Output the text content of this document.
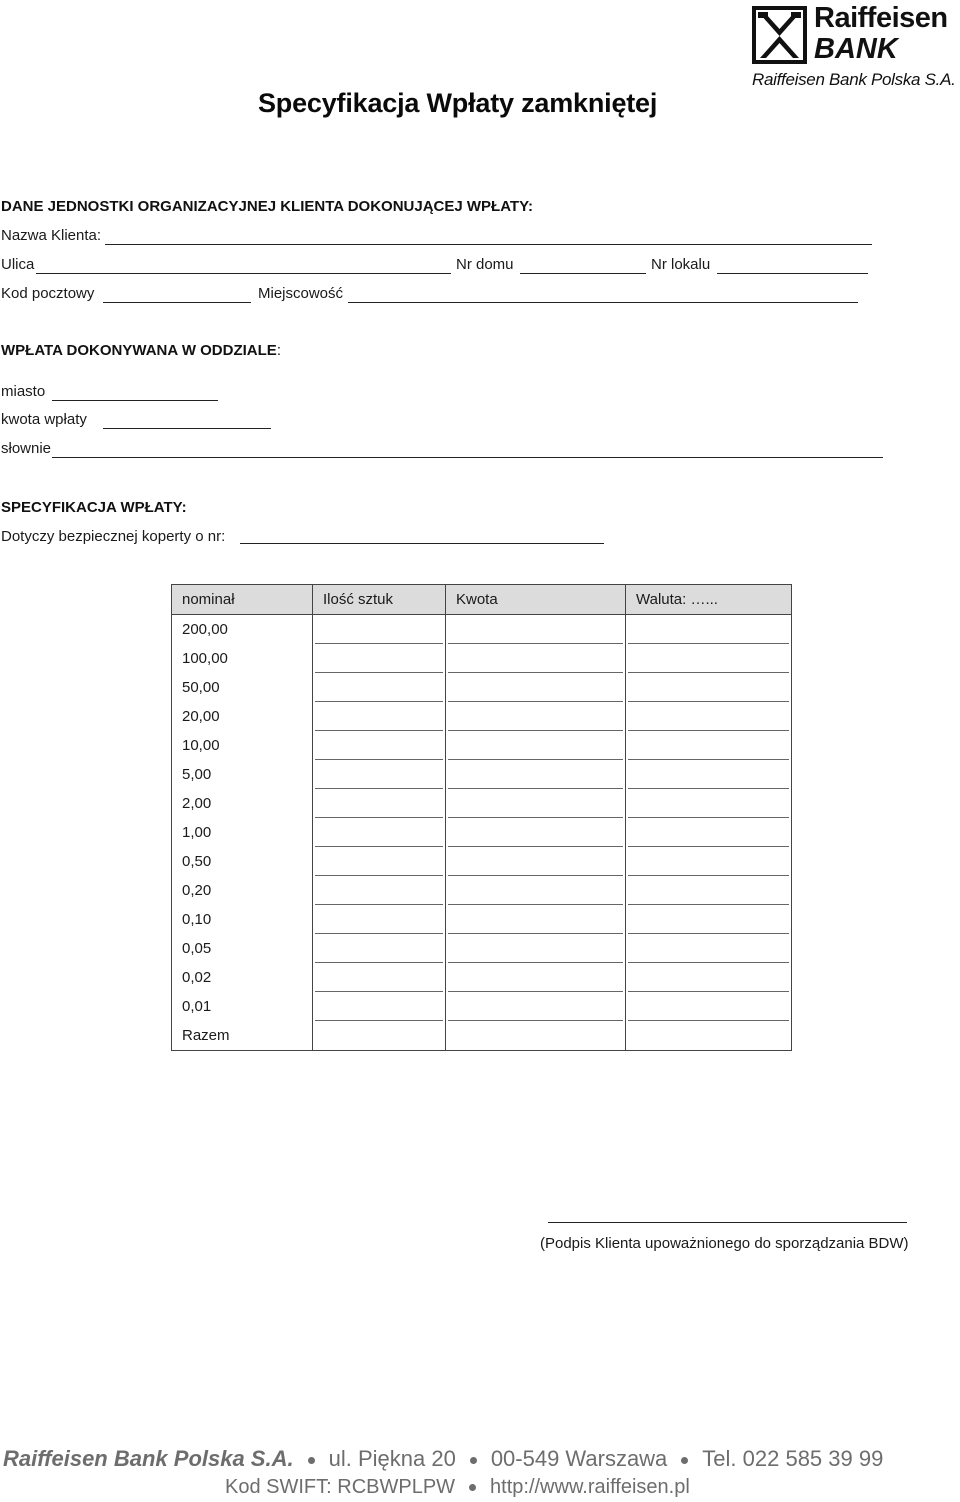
Specyfikacja Wpłaty zamkniętej
Raiffeisen
BANK
Raiffeisen Bank Polska S.A.
DANE JEDNOSTKI ORGANIZACYJNEJ KLIENTA DOKONUJĄCEJ WPŁATY:
Nazwa Klienta:
Ulica	Nr domu	Nr lokalu
Kod pocztowy	Miejscowość
WPŁATA DOKONYWANA W ODDZIALE:
miasto
kwota wpłaty
słownie
SPECYFIKACJA WPŁATY:
Dotyczy bezpiecznej koperty o nr:
nominał	Ilość sztuk	Kwota	Waluta: …...
200,00	

100,00	

50,00	

20,00	

10,00	

5,00	

2,00	

1,00	

0,50	

0,20	

0,10	

0,05	

0,02	

0,01	

Razem	

(Podpis Klienta upoważnionego do sporządzania BDW)
Raiffeisen Bank Polska S.A. ul. Piękna 20 00-549 Warszawa Tel. 022 585 39 99
Kod SWIFT: RCBWPLPW http://www.raiffeisen.pl
